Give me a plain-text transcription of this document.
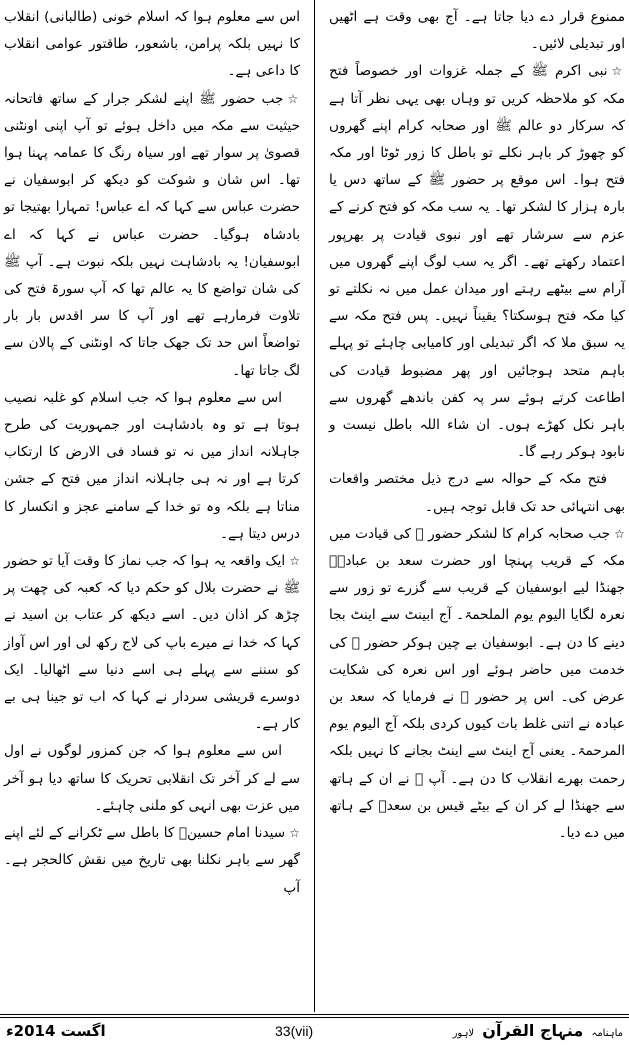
ممنوع قرار دے دیا جاتا ہے۔ آج بھی وقت ہے اٹھیں اور تبدیلی لائیں۔

☆نبی اکرم ﷺ کے جملہ غزوات اور خصوصاً فتح مکہ کو ملاحظہ کریں تو وہاں بھی یہی نظر آتا ہے کہ سرکار دو عالم ﷺ اور صحابہ کرام اپنے گھروں کو چھوڑ کر باہر نکلے تو باطل کا زور ٹوٹا اور مکہ فتح ہوا۔ اس موقع پر حضور ﷺ کے ساتھ دس یا بارہ ہزار کا لشکر تھا۔ یہ سب مکہ کو فتح کرنے کے عزم سے سرشار تھے اور نبوی قیادت پر بھرپور اعتماد رکھتے تھے۔ اگر یہ سب لوگ اپنے گھروں میں آرام سے بیٹھے رہتے اور میدان عمل میں نہ نکلتے تو کیا مکہ فتح ہوسکتا؟ یقیناً نہیں۔ پس فتح مکہ سے یہ سبق ملا کہ اگر تبدیلی اور کامیابی چاہئے تو پہلے باہم متحد ہوجائیں اور پھر مضبوط قیادت کی اطاعت کرتے ہوئے سر پہ کفن باندھے گھروں سے باہر نکل کھڑے ہوں۔ ان شاء اللہ باطل نیست و نابود ہوکر رہے گا۔

فتح مکہ کے حوالہ سے درج ذیل مختصر واقعات بھی انتہائی حد تک قابل توجہ ہیں۔

☆جب صحابہ کرام کا لشکر حضور ﷺ کی قیادت میں مکہ کے قریب پہنچا اور حضرت سعد بن عبادہؓ جھنڈا لیے ابوسفیان کے قریب سے گزرے تو زور سے نعرہ لگایا الیوم یوم الملحمۃ۔ آج ابینٹ سے اینٹ بجا دینے کا دن ہے۔ ابوسفیان بے چین ہوکر حضور ﷺ کی خدمت میں حاضر ہوئے اور اس نعرہ کی شکایت عرض کی۔ اس پر حضور ﷺ نے فرمایا کہ سعد بن عبادہ نے اتنی غلط بات کیوں کردی بلکہ آج الیوم یوم المرحمۃ۔ یعنی آج اینٹ سے اینٹ بجانے کا نہیں بلکہ رحمت بھرے انقلاب کا دن ہے۔ آپ ﷺ نے ان کے ہاتھ سے جھنڈا لے کر ان کے بیٹے قیس بن سعدؓ کے ہاتھ میں دے دیا۔

اس سے معلوم ہوا کہ اسلام خونی (طالبانی) انقلاب کا نہیں بلکہ پرامن، باشعور، طاقتور عوامی انقلاب کا داعی ہے۔

☆جب حضور ﷺ اپنے لشکر جرار کے ساتھ فاتحانہ حیثیت سے مکہ میں داخل ہوئے تو آپ اپنی اونٹنی قصویٰ پر سوار تھے اور سیاہ رنگ کا عمامہ پہنا ہوا تھا۔ اس شان و شوکت کو دیکھ کر ابوسفیان نے حضرت عباس سے کہا کہ اے عباس! تمہارا بھتیجا تو بادشاہ ہوگیا۔ حضرت عباس نے کہا کہ اے ابوسفیان! یہ بادشاہت نہیں بلکہ نبوت ہے۔ آپ ﷺ کی شان تواضع کا یہ عالم تھا کہ آپ سورۃ فتح کی تلاوت فرمارہے تھے اور آپ کا سر اقدس بار بار تواضعاً اس حد تک جھک جاتا کہ اونٹنی کے پالان سے لگ جاتا تھا۔

اس سے معلوم ہوا کہ جب اسلام کو غلبہ نصیب ہوتا ہے تو وہ بادشاہت اور جمہوریت کی طرح جاہلانہ انداز میں نہ تو فساد فی الارض کا ارتکاب کرتا ہے اور نہ ہی جاہلانہ انداز میں فتح کے جشن مناتا ہے بلکہ وہ تو خدا کے سامنے عجز و انکسار کا درس دیتا ہے۔

☆ایک واقعہ یہ ہوا کہ جب نماز کا وقت آیا تو حضور ﷺ نے حضرت بلال کو حکم دیا کہ کعبہ کی چھت پر چڑھ کر اذان دیں۔ اسے دیکھ کر عتاب بن اسید نے کہا کہ خدا نے میرے باپ کی لاج رکھ لی اور اس آواز کو سننے سے پہلے ہی اسے دنیا سے اٹھالیا۔ ایک دوسرے قریشی سردار نے کہا کہ اب تو جینا ہی بے کار ہے۔

اس سے معلوم ہوا کہ جن کمزور لوگوں نے اول سے لے کر آخر تک انقلابی تحریک کا ساتھ دیا ہو آخر میں عزت بھی انہی کو ملنی چاہئے۔

☆سیدنا امام حسینؓ کا باطل سے ٹکرانے کے لئے اپنے گھر سے باہر نکلنا بھی تاریخ میں نقش کالحجر ہے۔ آپ

اگست 2014ء	33(vii)	ماہنامہ منہاج القرآن لاہور
